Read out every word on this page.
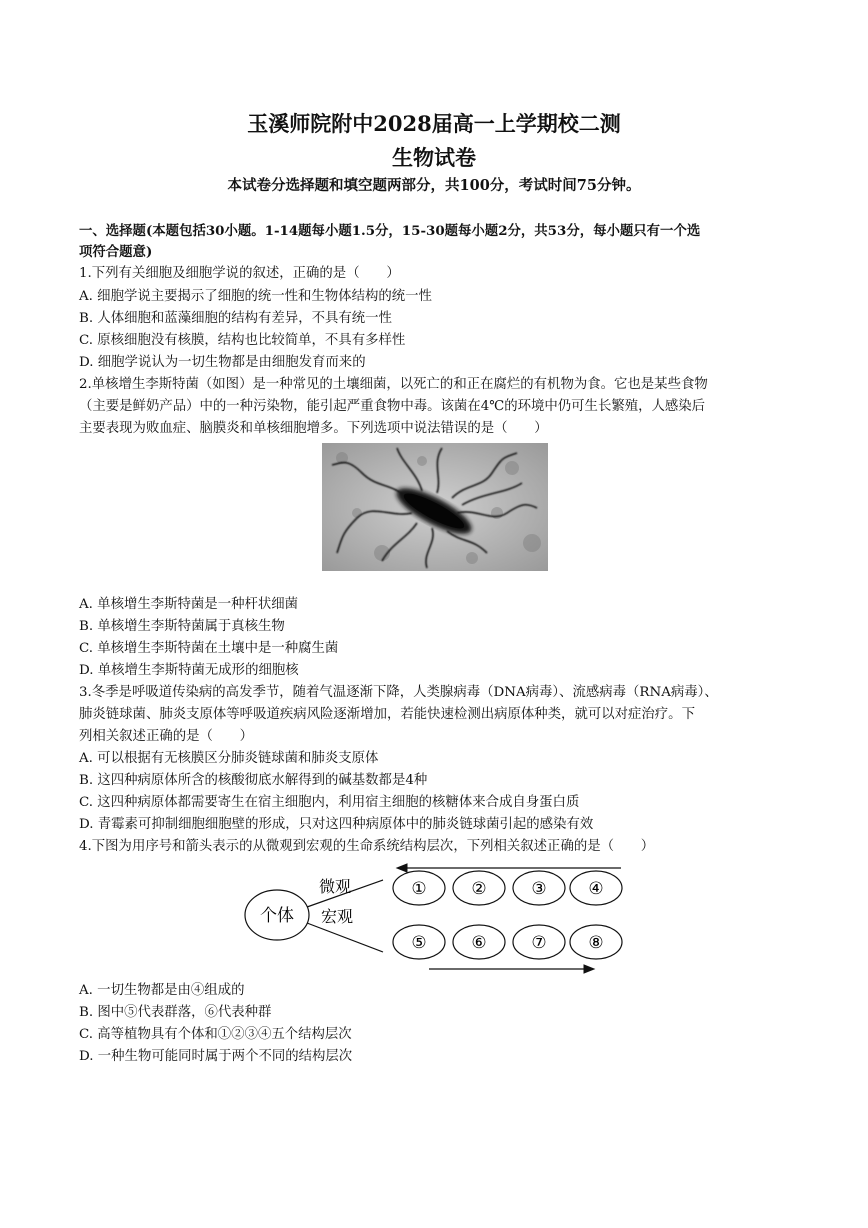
玉溪师院附中2028届高一上学期校二测
生物试卷
本试卷分选择题和填空题两部分，共100分，考试时间75分钟。
一、选择题(本题包括30小题。1-14题每小题1.5分，15-30题每小题2分，共53分，每小题只有一个选
项符合题意)
1.下列有关细胞及细胞学说的叙述，正确的是（　　）
A. 细胞学说主要揭示了细胞的统一性和生物体结构的统一性
B. 人体细胞和蓝藻细胞的结构有差异，不具有统一性
C. 原核细胞没有核膜，结构也比较简单，不具有多样性
D. 细胞学说认为一切生物都是由细胞发育而来的
2.单核增生李斯特菌（如图）是一种常见的土壤细菌，以死亡的和正在腐烂的有机物为食。它也是某些食物
（主要是鲜奶产品）中的一种污染物，能引起严重食物中毒。该菌在4℃的环境中仍可生长繁殖，人感染后
主要表现为败血症、脑膜炎和单核细胞增多。下列选项中说法错误的是（　　）
A. 单核增生李斯特菌是一种杆状细菌
B. 单核增生李斯特菌属于真核生物
C. 单核增生李斯特菌在土壤中是一种腐生菌
D. 单核增生李斯特菌无成形的细胞核
3.冬季是呼吸道传染病的高发季节，随着气温逐渐下降，人类腺病毒（DNA病毒）、流感病毒（RNA病毒）、
肺炎链球菌、肺炎支原体等呼吸道疾病风险逐渐增加，若能快速检测出病原体种类，就可以对症治疗。下
列相关叙述正确的是（　　）
A. 可以根据有无核膜区分肺炎链球菌和肺炎支原体
B. 这四种病原体所含的核酸彻底水解得到的碱基数都是4种
C. 这四种病原体都需要寄生在宿主细胞内，利用宿主细胞的核糖体来合成自身蛋白质
D. 青霉素可抑制细胞细胞壁的形成，只对这四种病原体中的肺炎链球菌引起的感染有效
4.下图为用序号和箭头表示的从微观到宏观的生命系统结构层次，下列相关叙述正确的是（　　）
个体
微观
宏观
①	②	③ ④
⑤	⑥	⑦ ⑧
A. 一切生物都是由④组成的
B. 图中⑤代表群落，⑥代表种群
C. 高等植物具有个体和①②③④五个结构层次
D. 一种生物可能同时属于两个不同的结构层次
